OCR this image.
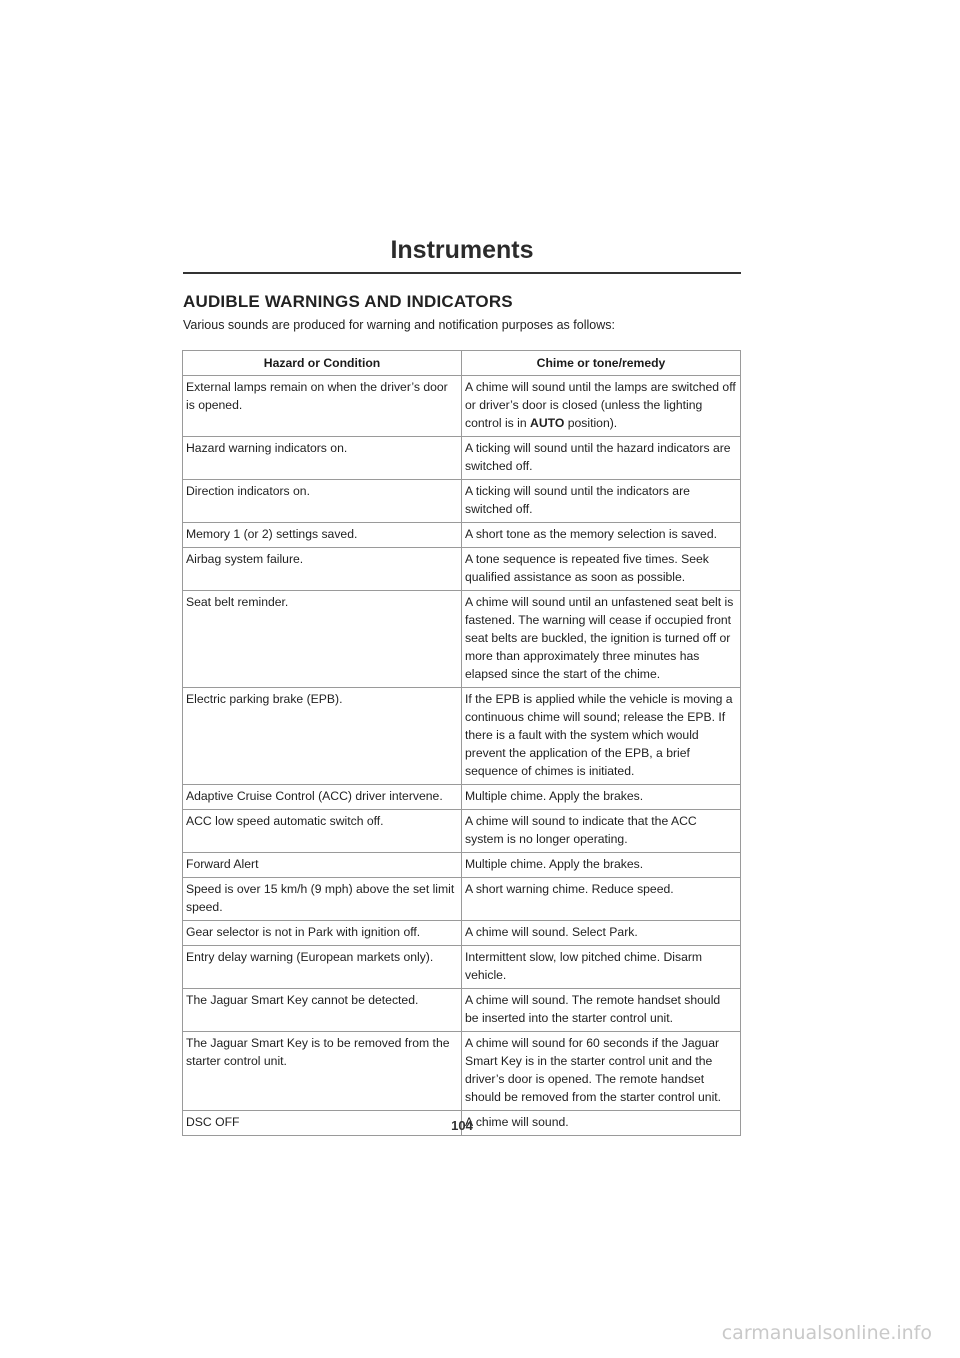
Instruments
AUDIBLE WARNINGS AND INDICATORS
Various sounds are produced for warning and notification purposes as follows:
Hazard or Condition	Chime or tone/remedy
External lamps remain on when the driver’s door is opened.	A chime will sound until the lamps are switched off or driver’s door is closed (unless the lighting control is in AUTO position).
Hazard warning indicators on.	A ticking will sound until the hazard indicators are switched off.
Direction indicators on.	A ticking will sound until the indicators are switched off.
Memory 1 (or 2) settings saved.	A short tone as the memory selection is saved.
Airbag system failure.	A tone sequence is repeated five times. Seek qualified assistance as soon as possible.
Seat belt reminder.	A chime will sound until an unfastened seat belt is fastened. The warning will cease if occupied front seat belts are buckled, the ignition is turned off or more than approximately three minutes has elapsed since the start of the chime.
Electric parking brake (EPB).	If the EPB is applied while the vehicle is moving a continuous chime will sound; release the EPB. If there is a fault with the system which would prevent the application of the EPB, a brief sequence of chimes is initiated.
Adaptive Cruise Control (ACC) driver intervene.	Multiple chime. Apply the brakes.
ACC low speed automatic switch off.	A chime will sound to indicate that the ACC system is no longer operating.
Forward Alert	Multiple chime. Apply the brakes.
Speed is over 15 km/h (9 mph) above the set limit speed.	A short warning chime. Reduce speed.
Gear selector is not in Park with ignition off.	A chime will sound. Select Park.
Entry delay warning (European markets only).	Intermittent slow, low pitched chime. Disarm vehicle.
The Jaguar Smart Key cannot be detected.	A chime will sound. The remote handset should be inserted into the starter control unit.
The Jaguar Smart Key is to be removed from the starter control unit.	A chime will sound for 60 seconds if the Jaguar Smart Key is in the starter control unit and the driver’s door is opened. The remote handset should be removed from the starter control unit.
DSC OFF	A chime will sound.
104
carmanualsonline.info
